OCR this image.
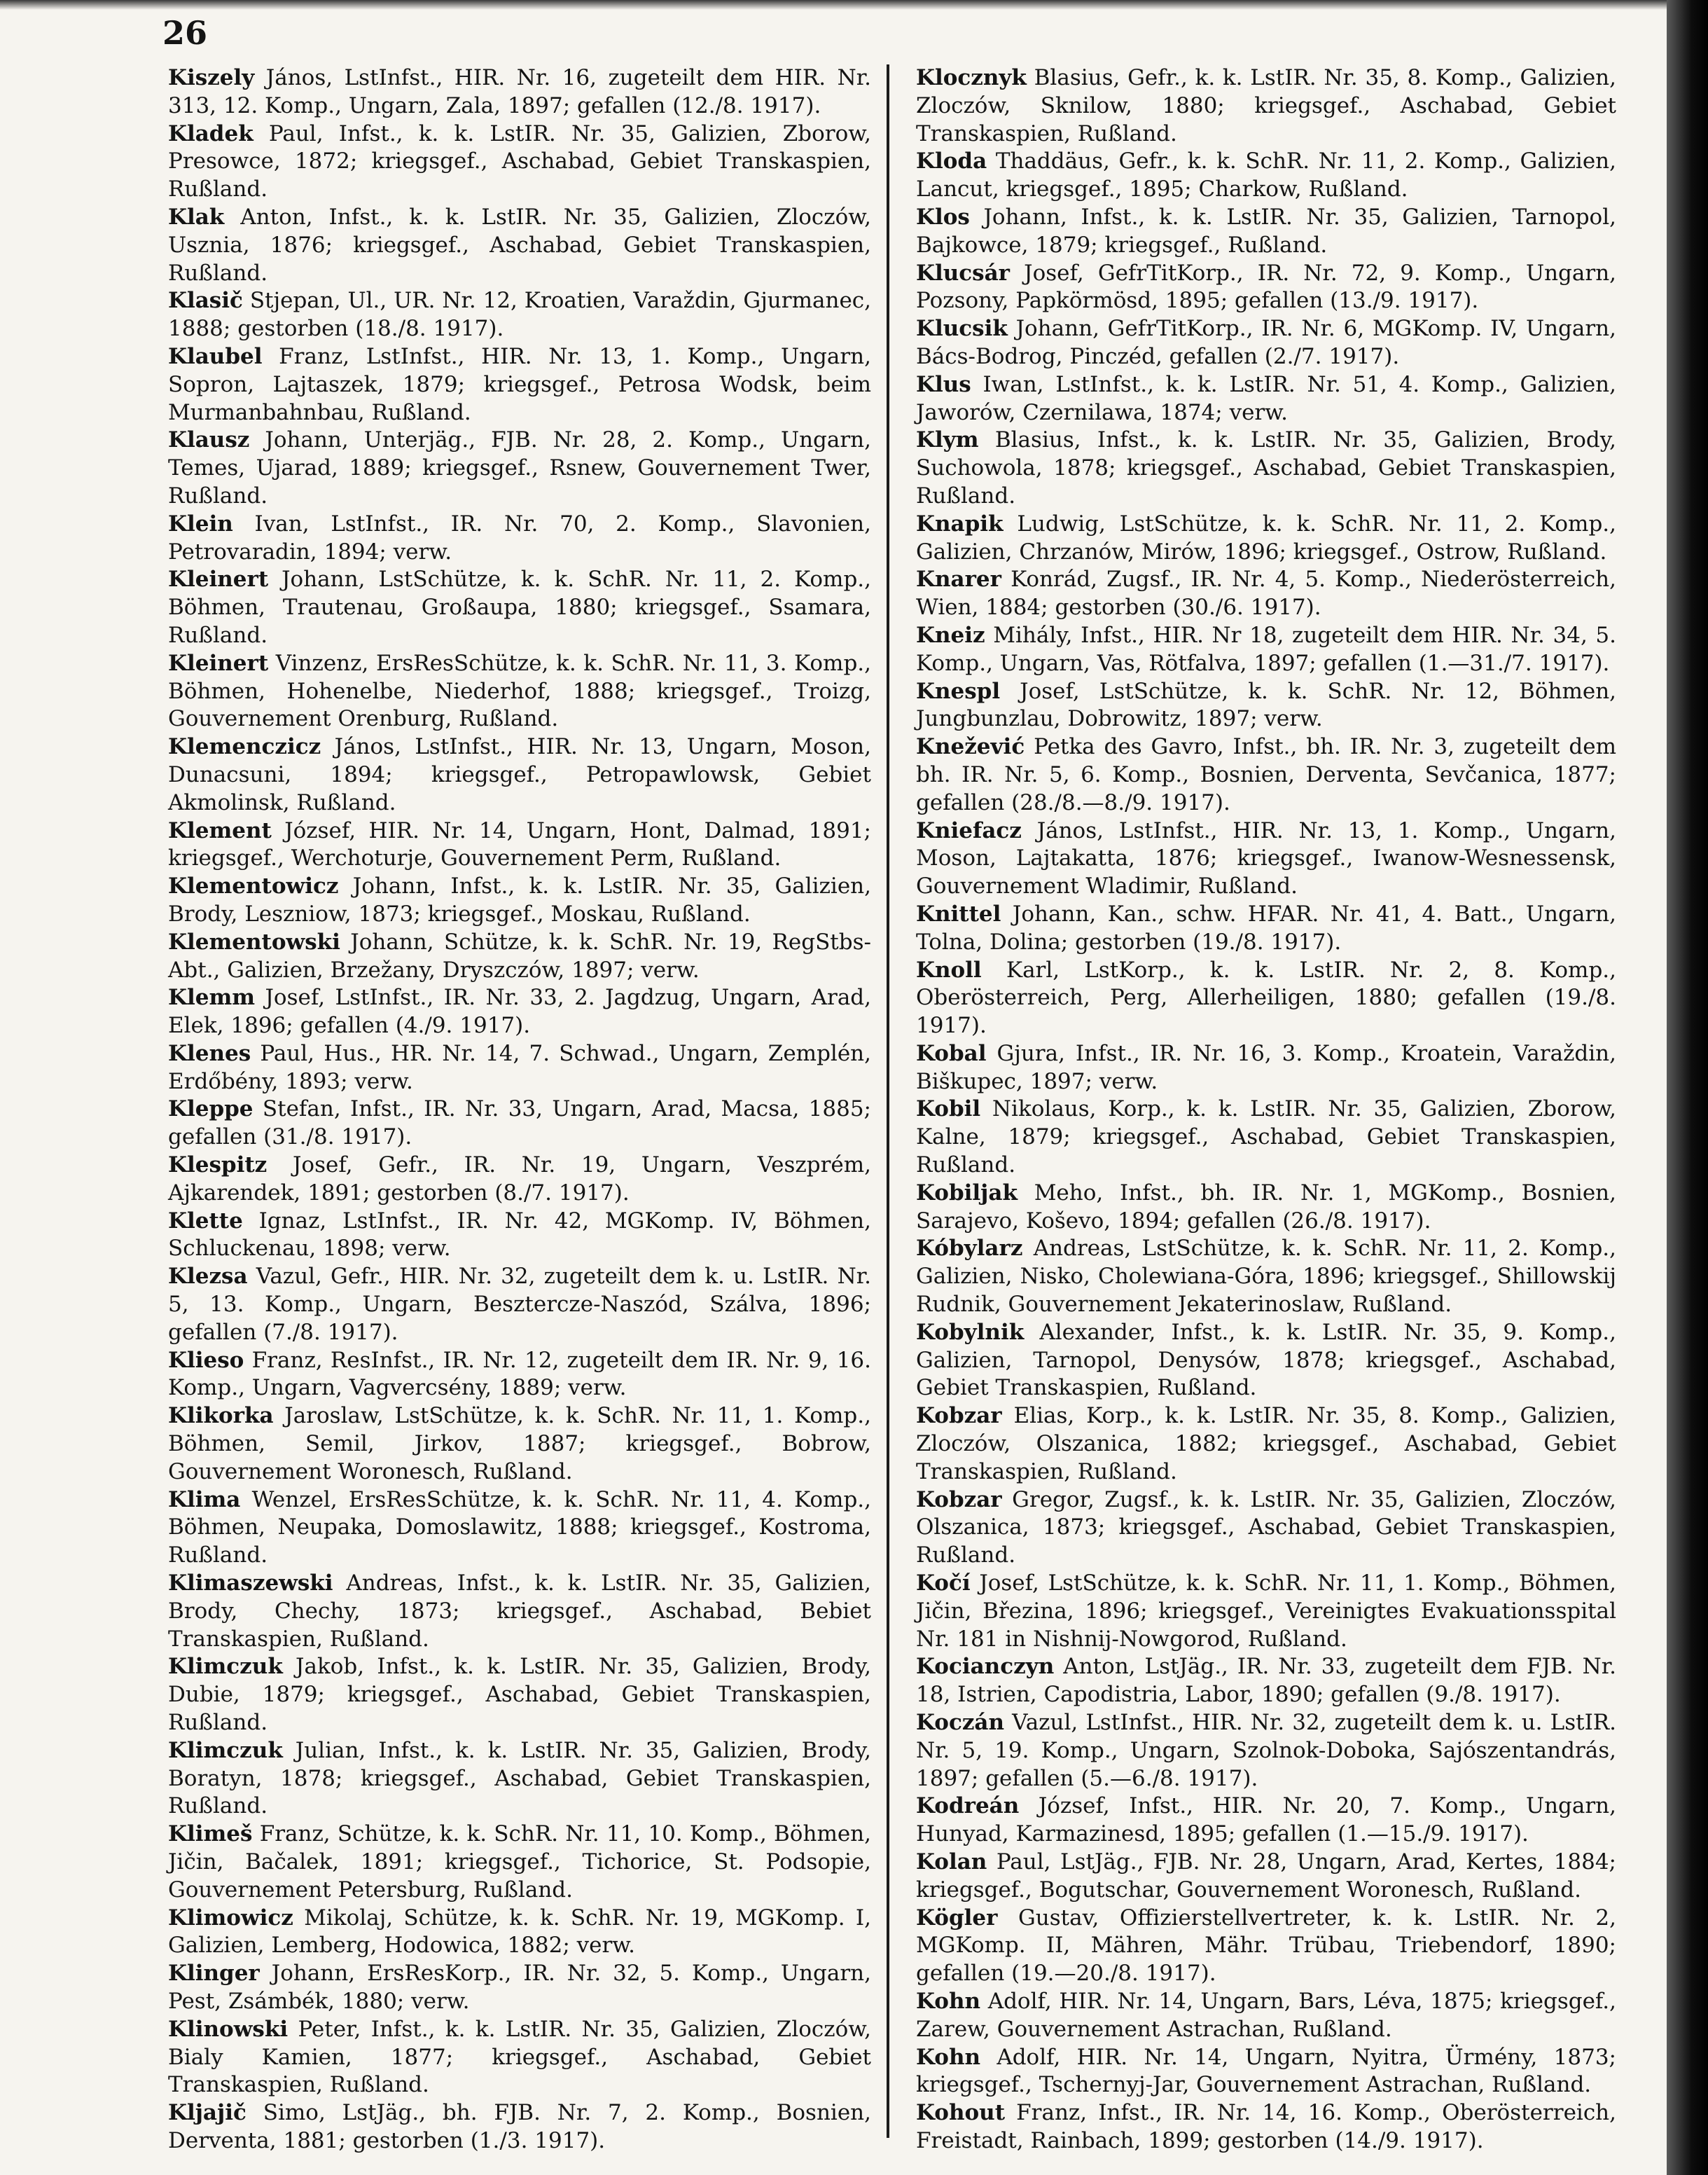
26

Kiszely János, LstInfst., HIR. Nr. 16, zugeteilt dem HIR. Nr. 313, 12. Komp., Ungarn, Zala, 1897; gefallen (12./8. 1917).

Kladek Paul, Infst., k. k. LstIR. Nr. 35, Galizien, Zborow, Presowce, 1872; kriegsgef., Aschabad, Gebiet Transkaspien, Rußland.

Klak Anton, Infst., k. k. LstIR. Nr. 35, Galizien, Zloczów, Usznia, 1876; kriegsgef., Aschabad, Gebiet Transkaspien, Rußland.

Klasič Stjepan, Ul., UR. Nr. 12, Kroatien, Varaždin, Gjurmanec, 1888; gestorben (18./8. 1917).

Klaubel Franz, LstInfst., HIR. Nr. 13, 1. Komp., Ungarn, Sopron, Lajtaszek, 1879; kriegsgef., Petrosa Wodsk, beim Murmanbahnbau, Rußland.

Klausz Johann, Unterjäg., FJB. Nr. 28, 2. Komp., Ungarn, Temes, Ujarad, 1889; kriegsgef., Rsnew, Gouvernement Twer, Rußland.

Klein Ivan, LstInfst., IR. Nr. 70, 2. Komp., Slavonien, Petrovaradin, 1894; verw.

Kleinert Johann, LstSchütze, k. k. SchR. Nr. 11, 2. Komp., Böhmen, Trautenau, Großaupa, 1880; kriegsgef., Ssamara, Rußland.

Kleinert Vinzenz, ErsResSchütze, k. k. SchR. Nr. 11, 3. Komp., Böhmen, Hohenelbe, Niederhof, 1888; kriegsgef., Troizg, Gouvernement Orenburg, Rußland.

Klemenczicz János, LstInfst., HIR. Nr. 13, Ungarn, Moson, Dunacsuni, 1894; kriegsgef., Petropawlowsk, Gebiet Akmolinsk, Rußland.

Klement József, HIR. Nr. 14, Ungarn, Hont, Dalmad, 1891; kriegsgef., Werchoturje, Gouvernement Perm, Rußland.

Klementowicz Johann, Infst., k. k. LstIR. Nr. 35, Galizien, Brody, Leszniow, 1873; kriegsgef., Moskau, Rußland.

Klementowski Johann, Schütze, k. k. SchR. Nr. 19, RegStbs-Abt., Galizien, Brzežany, Dryszczów, 1897; verw.

Klemm Josef, LstInfst., IR. Nr. 33, 2. Jagdzug, Ungarn, Arad, Elek, 1896; gefallen (4./9. 1917).

Klenes Paul, Hus., HR. Nr. 14, 7. Schwad., Ungarn, Zemplén, Erdőbény, 1893; verw.

Kleppe Stefan, Infst., IR. Nr. 33, Ungarn, Arad, Macsa, 1885; gefallen (31./8. 1917).

Klespitz Josef, Gefr., IR. Nr. 19, Ungarn, Veszprém, Ajkarendek, 1891; gestorben (8./7. 1917).

Klette Ignaz, LstInfst., IR. Nr. 42, MGKomp. IV, Böhmen, Schluckenau, 1898; verw.

Klezsa Vazul, Gefr., HIR. Nr. 32, zugeteilt dem k. u. LstIR. Nr. 5, 13. Komp., Ungarn, Besztercze-Naszód, Szálva, 1896; gefallen (7./8. 1917).

Klieso Franz, ResInfst., IR. Nr. 12, zugeteilt dem IR. Nr. 9, 16. Komp., Ungarn, Vagvercsény, 1889; verw.

Klikorka Jaroslaw, LstSchütze, k. k. SchR. Nr. 11, 1. Komp., Böhmen, Semil, Jirkov, 1887; kriegsgef., Bobrow, Gouvernement Woronesch, Rußland.

Klima Wenzel, ErsResSchütze, k. k. SchR. Nr. 11, 4. Komp., Böhmen, Neupaka, Domoslawitz, 1888; kriegsgef., Kostroma, Rußland.

Klimaszewski Andreas, Infst., k. k. LstIR. Nr. 35, Galizien, Brody, Chechy, 1873; kriegsgef., Aschabad, Bebiet Transkaspien, Rußland.

Klimczuk Jakob, Infst., k. k. LstIR. Nr. 35, Galizien, Brody, Dubie, 1879; kriegsgef., Aschabad, Gebiet Transkaspien, Rußland.

Klimczuk Julian, Infst., k. k. LstIR. Nr. 35, Galizien, Brody, Boratyn, 1878; kriegsgef., Aschabad, Gebiet Transkaspien, Rußland.

Klimeš Franz, Schütze, k. k. SchR. Nr. 11, 10. Komp., Böhmen, Jičin, Bačalek, 1891; kriegsgef., Tichorice, St. Podsopie, Gouvernement Petersburg, Rußland.

Klimowicz Mikolaj, Schütze, k. k. SchR. Nr. 19, MGKomp. I, Galizien, Lemberg, Hodowica, 1882; verw.

Klinger Johann, ErsResKorp., IR. Nr. 32, 5. Komp., Ungarn, Pest, Zsámbék, 1880; verw.

Klinowski Peter, Infst., k. k. LstIR. Nr. 35, Galizien, Zloczów, Bialy Kamien, 1877; kriegsgef., Aschabad, Gebiet Transkaspien, Rußland.

Kljajič Simo, LstJäg., bh. FJB. Nr. 7, 2. Komp., Bosnien, Derventa, 1881; gestorben (1./3. 1917).

Klocznyk Blasius, Gefr., k. k. LstIR. Nr. 35, 8. Komp., Galizien, Zloczów, Sknilow, 1880; kriegsgef., Aschabad, Gebiet Transkaspien, Rußland.

Kloda Thaddäus, Gefr., k. k. SchR. Nr. 11, 2. Komp., Galizien, Lancut, kriegsgef., 1895; Charkow, Rußland.

Klos Johann, Infst., k. k. LstIR. Nr. 35, Galizien, Tarnopol, Bajkowce, 1879; kriegsgef., Rußland.

Klucsár Josef, GefrTitKorp., IR. Nr. 72, 9. Komp., Ungarn, Pozsony, Papkörmösd, 1895; gefallen (13./9. 1917).

Klucsik Johann, GefrTitKorp., IR. Nr. 6, MGKomp. IV, Ungarn, Bács-Bodrog, Pinczéd, gefallen (2./7. 1917).

Klus Iwan, LstInfst., k. k. LstIR. Nr. 51, 4. Komp., Galizien, Jaworów, Czernilawa, 1874; verw.

Klym Blasius, Infst., k. k. LstIR. Nr. 35, Galizien, Brody, Suchowola, 1878; kriegsgef., Aschabad, Gebiet Transkaspien, Rußland.

Knapik Ludwig, LstSchütze, k. k. SchR. Nr. 11, 2. Komp., Galizien, Chrzanów, Mirów, 1896; kriegsgef., Ostrow, Rußland.

Knarer Konrád, Zugsf., IR. Nr. 4, 5. Komp., Niederösterreich, Wien, 1884; gestorben (30./6. 1917).

Kneiz Mihály, Infst., HIR. Nr 18, zugeteilt dem HIR. Nr. 34, 5. Komp., Ungarn, Vas, Rötfalva, 1897; gefallen (1.—31./7. 1917).

Knespl Josef, LstSchütze, k. k. SchR. Nr. 12, Böhmen, Jungbunzlau, Dobrowitz, 1897; verw.

Knežević Petka des Gavro, Infst., bh. IR. Nr. 3, zugeteilt dem bh. IR. Nr. 5, 6. Komp., Bosnien, Derventa, Sevčanica, 1877; gefallen (28./8.—8./9. 1917).

Kniefacz János, LstInfst., HIR. Nr. 13, 1. Komp., Ungarn, Moson, Lajtakatta, 1876; kriegsgef., Iwanow-Wesnessensk, Gouvernement Wladimir, Rußland.

Knittel Johann, Kan., schw. HFAR. Nr. 41, 4. Batt., Ungarn, Tolna, Dolina; gestorben (19./8. 1917).

Knoll Karl, LstKorp., k. k. LstIR. Nr. 2, 8. Komp., Oberösterreich, Perg, Allerheiligen, 1880; gefallen (19./8. 1917).

Kobal Gjura, Infst., IR. Nr. 16, 3. Komp., Kroatein, Varaždin, Biškupec, 1897; verw.

Kobil Nikolaus, Korp., k. k. LstIR. Nr. 35, Galizien, Zborow, Kalne, 1879; kriegsgef., Aschabad, Gebiet Transkaspien, Rußland.

Kobiljak Meho, Infst., bh. IR. Nr. 1, MGKomp., Bosnien, Sarajevo, Koševo, 1894; gefallen (26./8. 1917).

Kóbylarz Andreas, LstSchütze, k. k. SchR. Nr. 11, 2. Komp., Galizien, Nisko, Cholewiana-Góra, 1896; kriegsgef., Shillowskij Rudnik, Gouvernement Jekaterinoslaw, Rußland.

Kobylnik Alexander, Infst., k. k. LstIR. Nr. 35, 9. Komp., Galizien, Tarnopol, Denysów, 1878; kriegsgef., Aschabad, Gebiet Transkaspien, Rußland.

Kobzar Elias, Korp., k. k. LstIR. Nr. 35, 8. Komp., Galizien, Zloczów, Olszanica, 1882; kriegsgef., Aschabad, Gebiet Transkaspien, Rußland.

Kobzar Gregor, Zugsf., k. k. LstIR. Nr. 35, Galizien, Zloczów, Olszanica, 1873; kriegsgef., Aschabad, Gebiet Transkaspien, Rußland.

Kočí Josef, LstSchütze, k. k. SchR. Nr. 11, 1. Komp., Böhmen, Jičin, Březina, 1896; kriegsgef., Vereinigtes Evakuationsspital Nr. 181 in Nishnij-Nowgorod, Rußland.

Kocianczyn Anton, LstJäg., IR. Nr. 33, zugeteilt dem FJB. Nr. 18, Istrien, Capodistria, Labor, 1890; gefallen (9./8. 1917).

Koczán Vazul, LstInfst., HIR. Nr. 32, zugeteilt dem k. u. LstIR. Nr. 5, 19. Komp., Ungarn, Szolnok-Doboka, Sajószentandrás, 1897; gefallen (5.—6./8. 1917).

Kodreán József, Infst., HIR. Nr. 20, 7. Komp., Ungarn, Hunyad, Karmazinesd, 1895; gefallen (1.—15./9. 1917).

Kolan Paul, LstJäg., FJB. Nr. 28, Ungarn, Arad, Kertes, 1884; kriegsgef., Bogutschar, Gouvernement Woronesch, Rußland.

Kögler Gustav, Offizierstellvertreter, k. k. LstIR. Nr. 2, MGKomp. II, Mähren, Mähr. Trübau, Triebendorf, 1890; gefallen (19.—20./8. 1917).

Kohn Adolf, HIR. Nr. 14, Ungarn, Bars, Léva, 1875; kriegsgef., Zarew, Gouvernement Astrachan, Rußland.

Kohn Adolf, HIR. Nr. 14, Ungarn, Nyitra, Ürmény, 1873; kriegsgef., Tschernyj-Jar, Gouvernement Astrachan, Rußland.

Kohout Franz, Infst., IR. Nr. 14, 16. Komp., Oberösterreich, Freistadt, Rainbach, 1899; gestorben (14./9. 1917).
